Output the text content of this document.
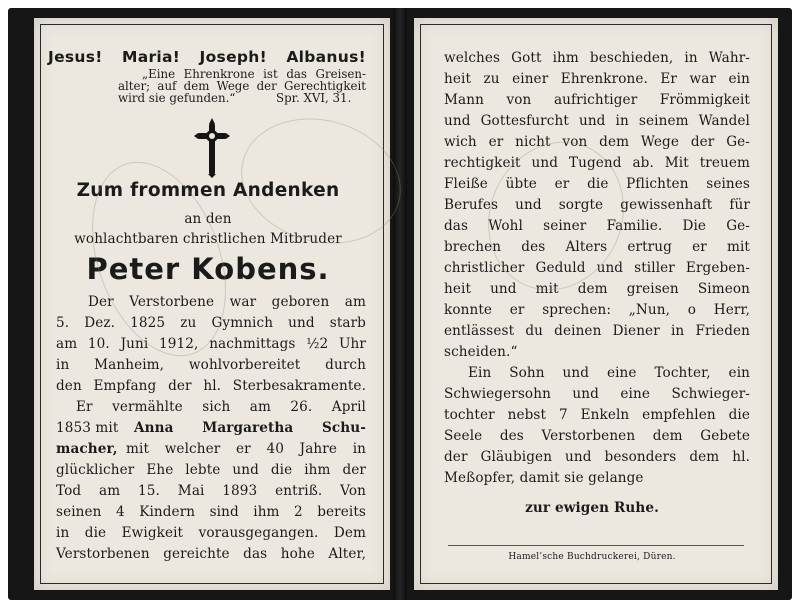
Jesus! Maria! Joseph! Albanus!
„Eine Ehrenkrone ist das Greisen-
alter; auf dem Wege der Gerechtigkeit
wird sie gefunden.“	Spr. XVI, 31.
Zum frommen Andenken
an den
wohlachtbaren christlichen Mitbruder
Peter Kobens.
Der Verstorbene war geboren am
5. Dez. 1825 zu Gymnich und starb
am 10. Juni 1912, nachmittags ½2 Uhr
in Manheim, wohlvorbereitet durch
den Empfang der hl. Sterbesakramente.
Er vermählte sich am 26. April
1853 mit Anna Margaretha Schu-
macher, mit welcher er 40 Jahre in
glücklicher Ehe lebte und die ihm der
Tod am 15. Mai 1893 entriß. Von
seinen 4 Kindern sind ihm 2 bereits
in die Ewigkeit vorausgegangen. Dem
Verstorbenen gereichte das hohe Alter,
welches Gott ihm beschieden, in Wahr-
heit zu einer Ehrenkrone. Er war ein
Mann von aufrichtiger Frömmigkeit
und Gottesfurcht und in seinem Wandel
wich er nicht von dem Wege der Ge-
rechtigkeit und Tugend ab. Mit treuem
Fleiße übte er die Pflichten seines
Berufes und sorgte gewissenhaft für
das Wohl seiner Familie. Die Ge-
brechen des Alters ertrug er mit
christlicher Geduld und stiller Ergeben-
heit und mit dem greisen Simeon
konnte er sprechen: „Nun, o Herr,
entlässest du deinen Diener in Frieden
scheiden.“
Ein Sohn und eine Tochter, ein
Schwiegersohn und eine Schwieger-
tochter nebst 7 Enkeln empfehlen die
Seele des Verstorbenen dem Gebete
der Gläubigen und besonders dem hl.
Meßopfer, damit sie gelange
zur ewigen Ruhe.
Hamel’sche Buchdruckerei, Düren.
